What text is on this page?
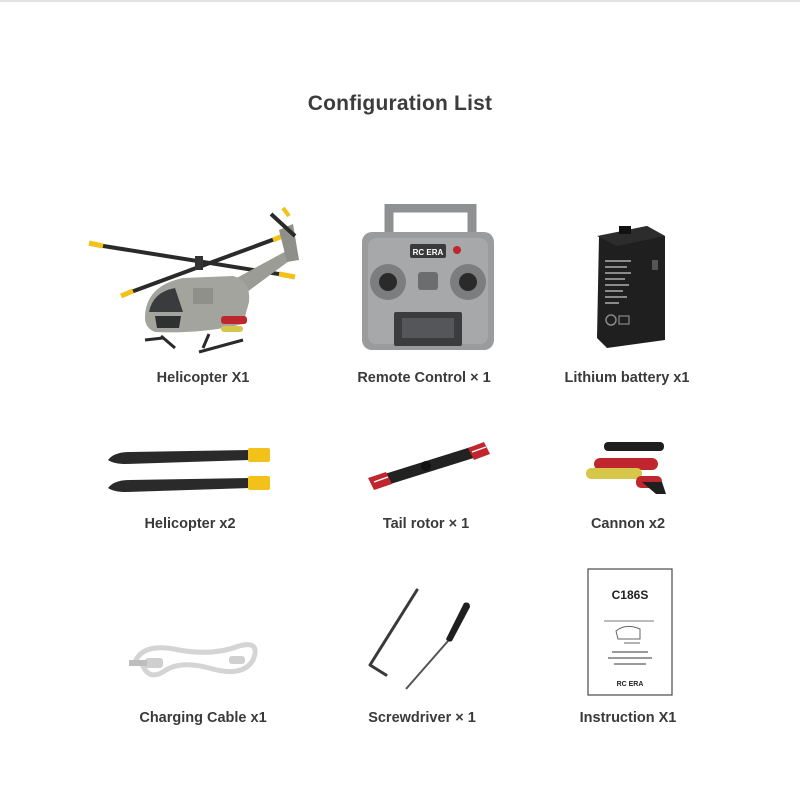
Configuration List
Helicopter X1
RC ERA
Remote Control × 1	Lithium battery x1
Helicopter x2	Tail rotor × 1	Cannon x2
Charging Cable x1	Screwdriver × 1
C186S
RC ERA
Instruction X1
